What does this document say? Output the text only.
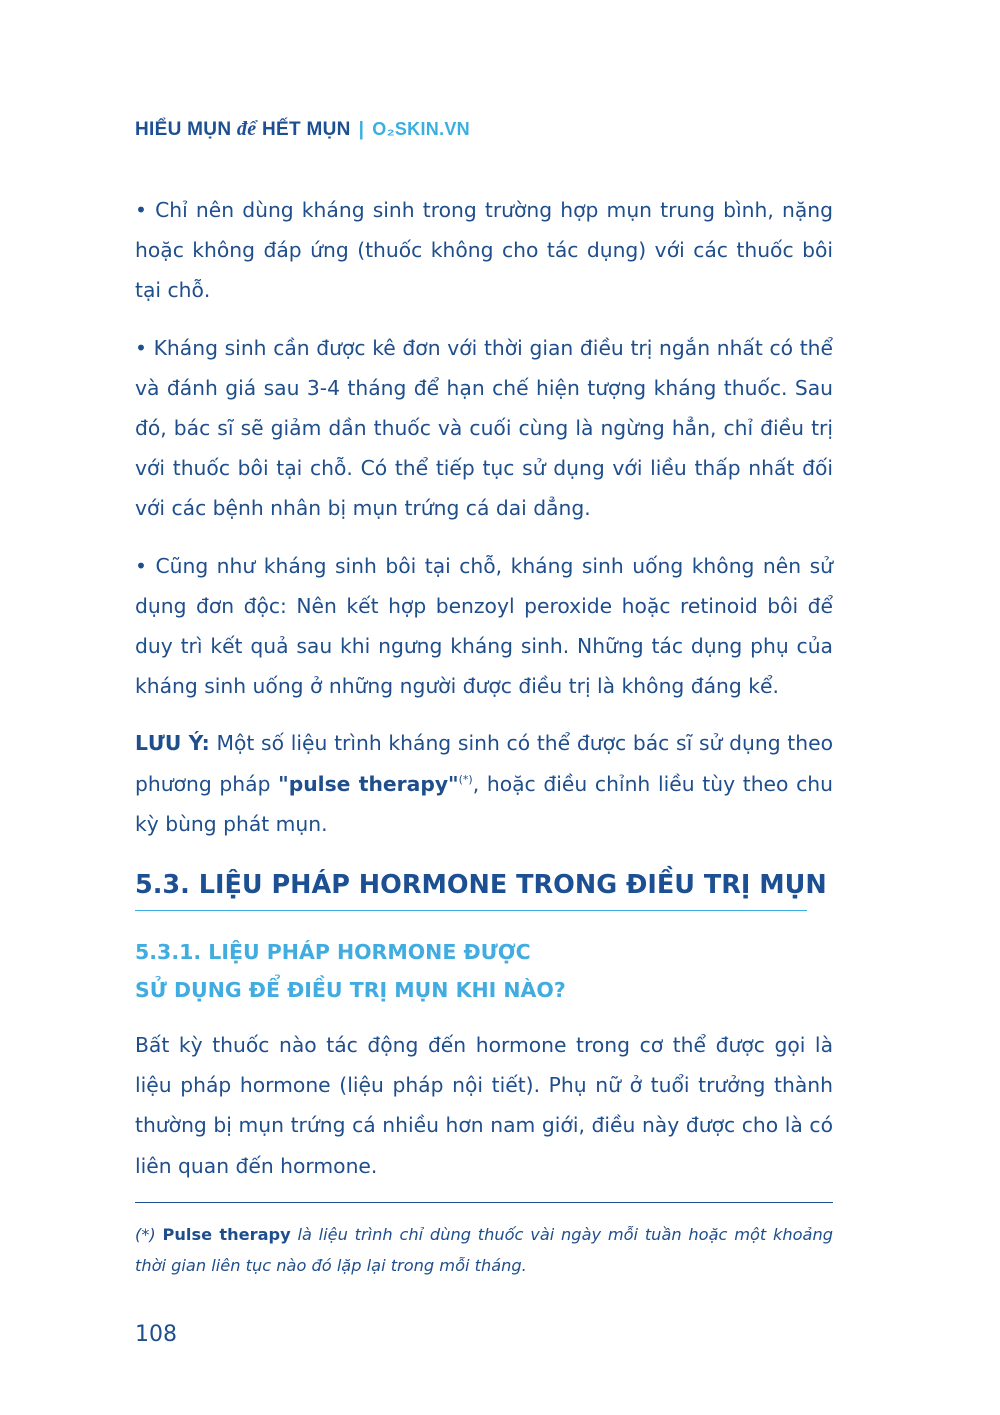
HIỂU MỤN để HẾT MỤN | O₂SKIN.VN

• Chỉ nên dùng kháng sinh trong trường hợp mụn trung bình, nặng hoặc không đáp ứng (thuốc không cho tác dụng) với các thuốc bôi tại chỗ.

• Kháng sinh cần được kê đơn với thời gian điều trị ngắn nhất có thể và đánh giá sau 3-4 tháng để hạn chế hiện tượng kháng thuốc. Sau đó, bác sĩ sẽ giảm dần thuốc và cuối cùng là ngừng hẳn, chỉ điều trị với thuốc bôi tại chỗ. Có thể tiếp tục sử dụng với liều thấp nhất đối với các bệnh nhân bị mụn trứng cá dai dẳng.

• Cũng như kháng sinh bôi tại chỗ, kháng sinh uống không nên sử dụng đơn độc: Nên kết hợp benzoyl peroxide hoặc retinoid bôi để duy trì kết quả sau khi ngưng kháng sinh. Những tác dụng phụ của kháng sinh uống ở những người được điều trị là không đáng kể.

LƯU Ý: Một số liệu trình kháng sinh có thể được bác sĩ sử dụng theo phương pháp "pulse therapy"(*), hoặc điều chỉnh liều tùy theo chu kỳ bùng phát mụn.

5.3. LIỆU PHÁP HORMONE TRONG ĐIỀU TRỊ MỤN
5.3.1. LIỆU PHÁP HORMONE ĐƯỢC
SỬ DỤNG ĐỂ ĐIỀU TRỊ MỤN KHI NÀO?

Bất kỳ thuốc nào tác động đến hormone trong cơ thể được gọi là liệu pháp hormone (liệu pháp nội tiết). Phụ nữ ở tuổi trưởng thành thường bị mụn trứng cá nhiều hơn nam giới, điều này được cho là có liên quan đến hormone.

(*) Pulse therapy là liệu trình chỉ dùng thuốc vài ngày mỗi tuần hoặc một khoảng thời gian liên tục nào đó lặp lại trong mỗi tháng.

108
